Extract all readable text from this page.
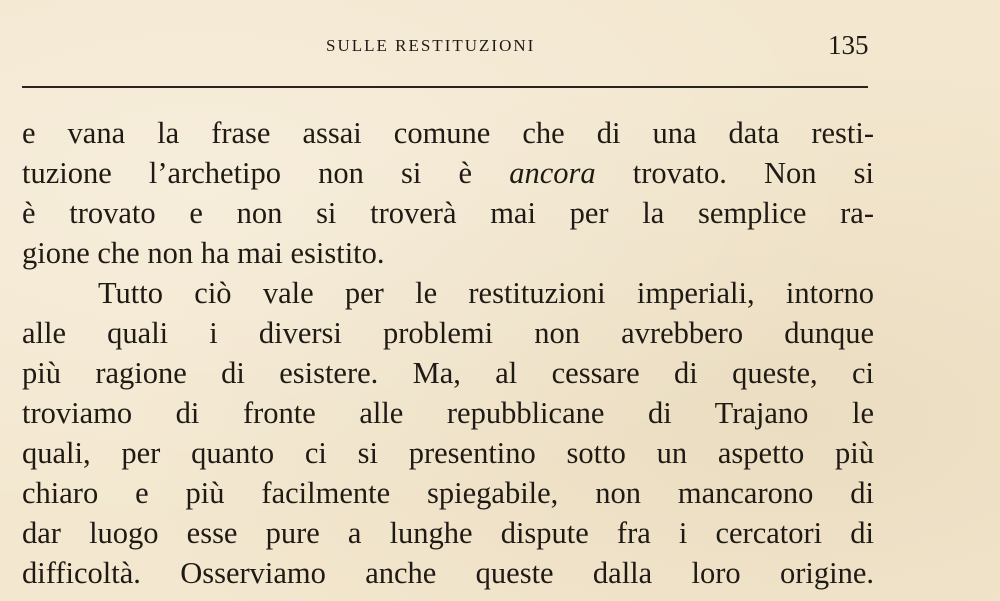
SULLE RESTITUZIONI	135
e vana la frase assai comune che di una data resti-
tuzione l’archetipo non si è ancora trovato. Non si
è trovato e non si troverà mai per la semplice ra-
gione che non ha mai esistito.
Tutto ciò vale per le restituzioni imperiali, intorno
alle quali i diversi problemi non avrebbero dunque
più ragione di esistere. Ma, al cessare di queste, ci
troviamo di fronte alle repubblicane di Trajano le
quali, per quanto ci si presentino sotto un aspetto più
chiaro e più facilmente spiegabile, non mancarono di
dar luogo esse pure a lunghe dispute fra i cercatori di
difficoltà. Osserviamo anche queste dalla loro origine.
